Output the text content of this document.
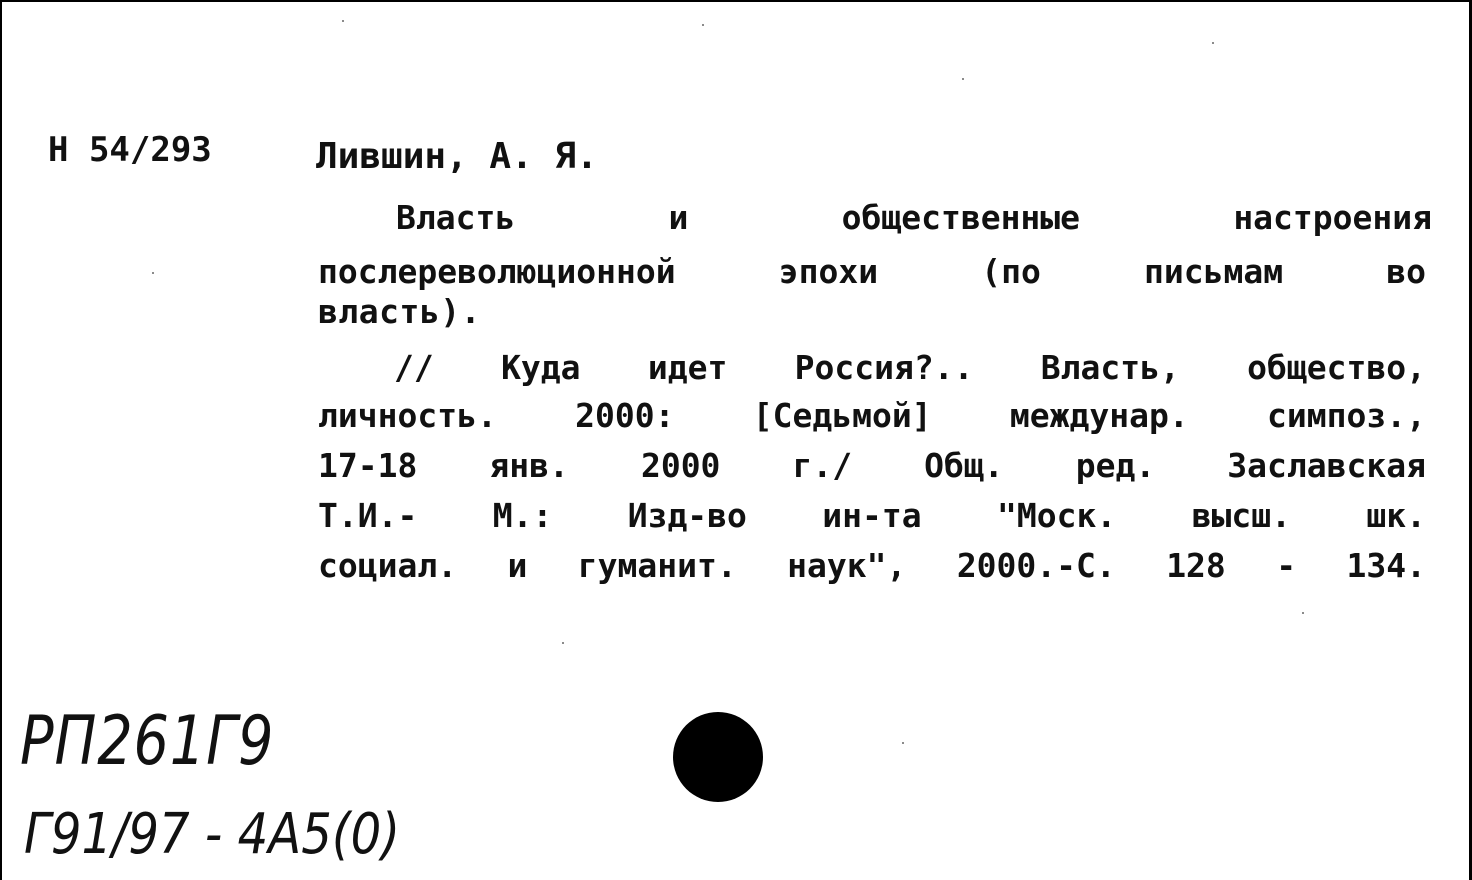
Н 54/293	Лившин, А. Я.
Власть	и	общественные	настроения
послереволюционной	эпохи	(по	письмам	во
власть).
// Куда идет Россия?.. Власть, общество,
личность. 2000: [Седьмой] междунар. симпоз.,
17-18 янв. 2000 г./ Общ. ред. Заславская
Т.И.- М.: Изд-во ин-та "Моск. высш. шк.
социал. и гуманит. наук", 2000.-С. 128 - 134.
РП261Г9
Г91/97 - 4А5(0)
